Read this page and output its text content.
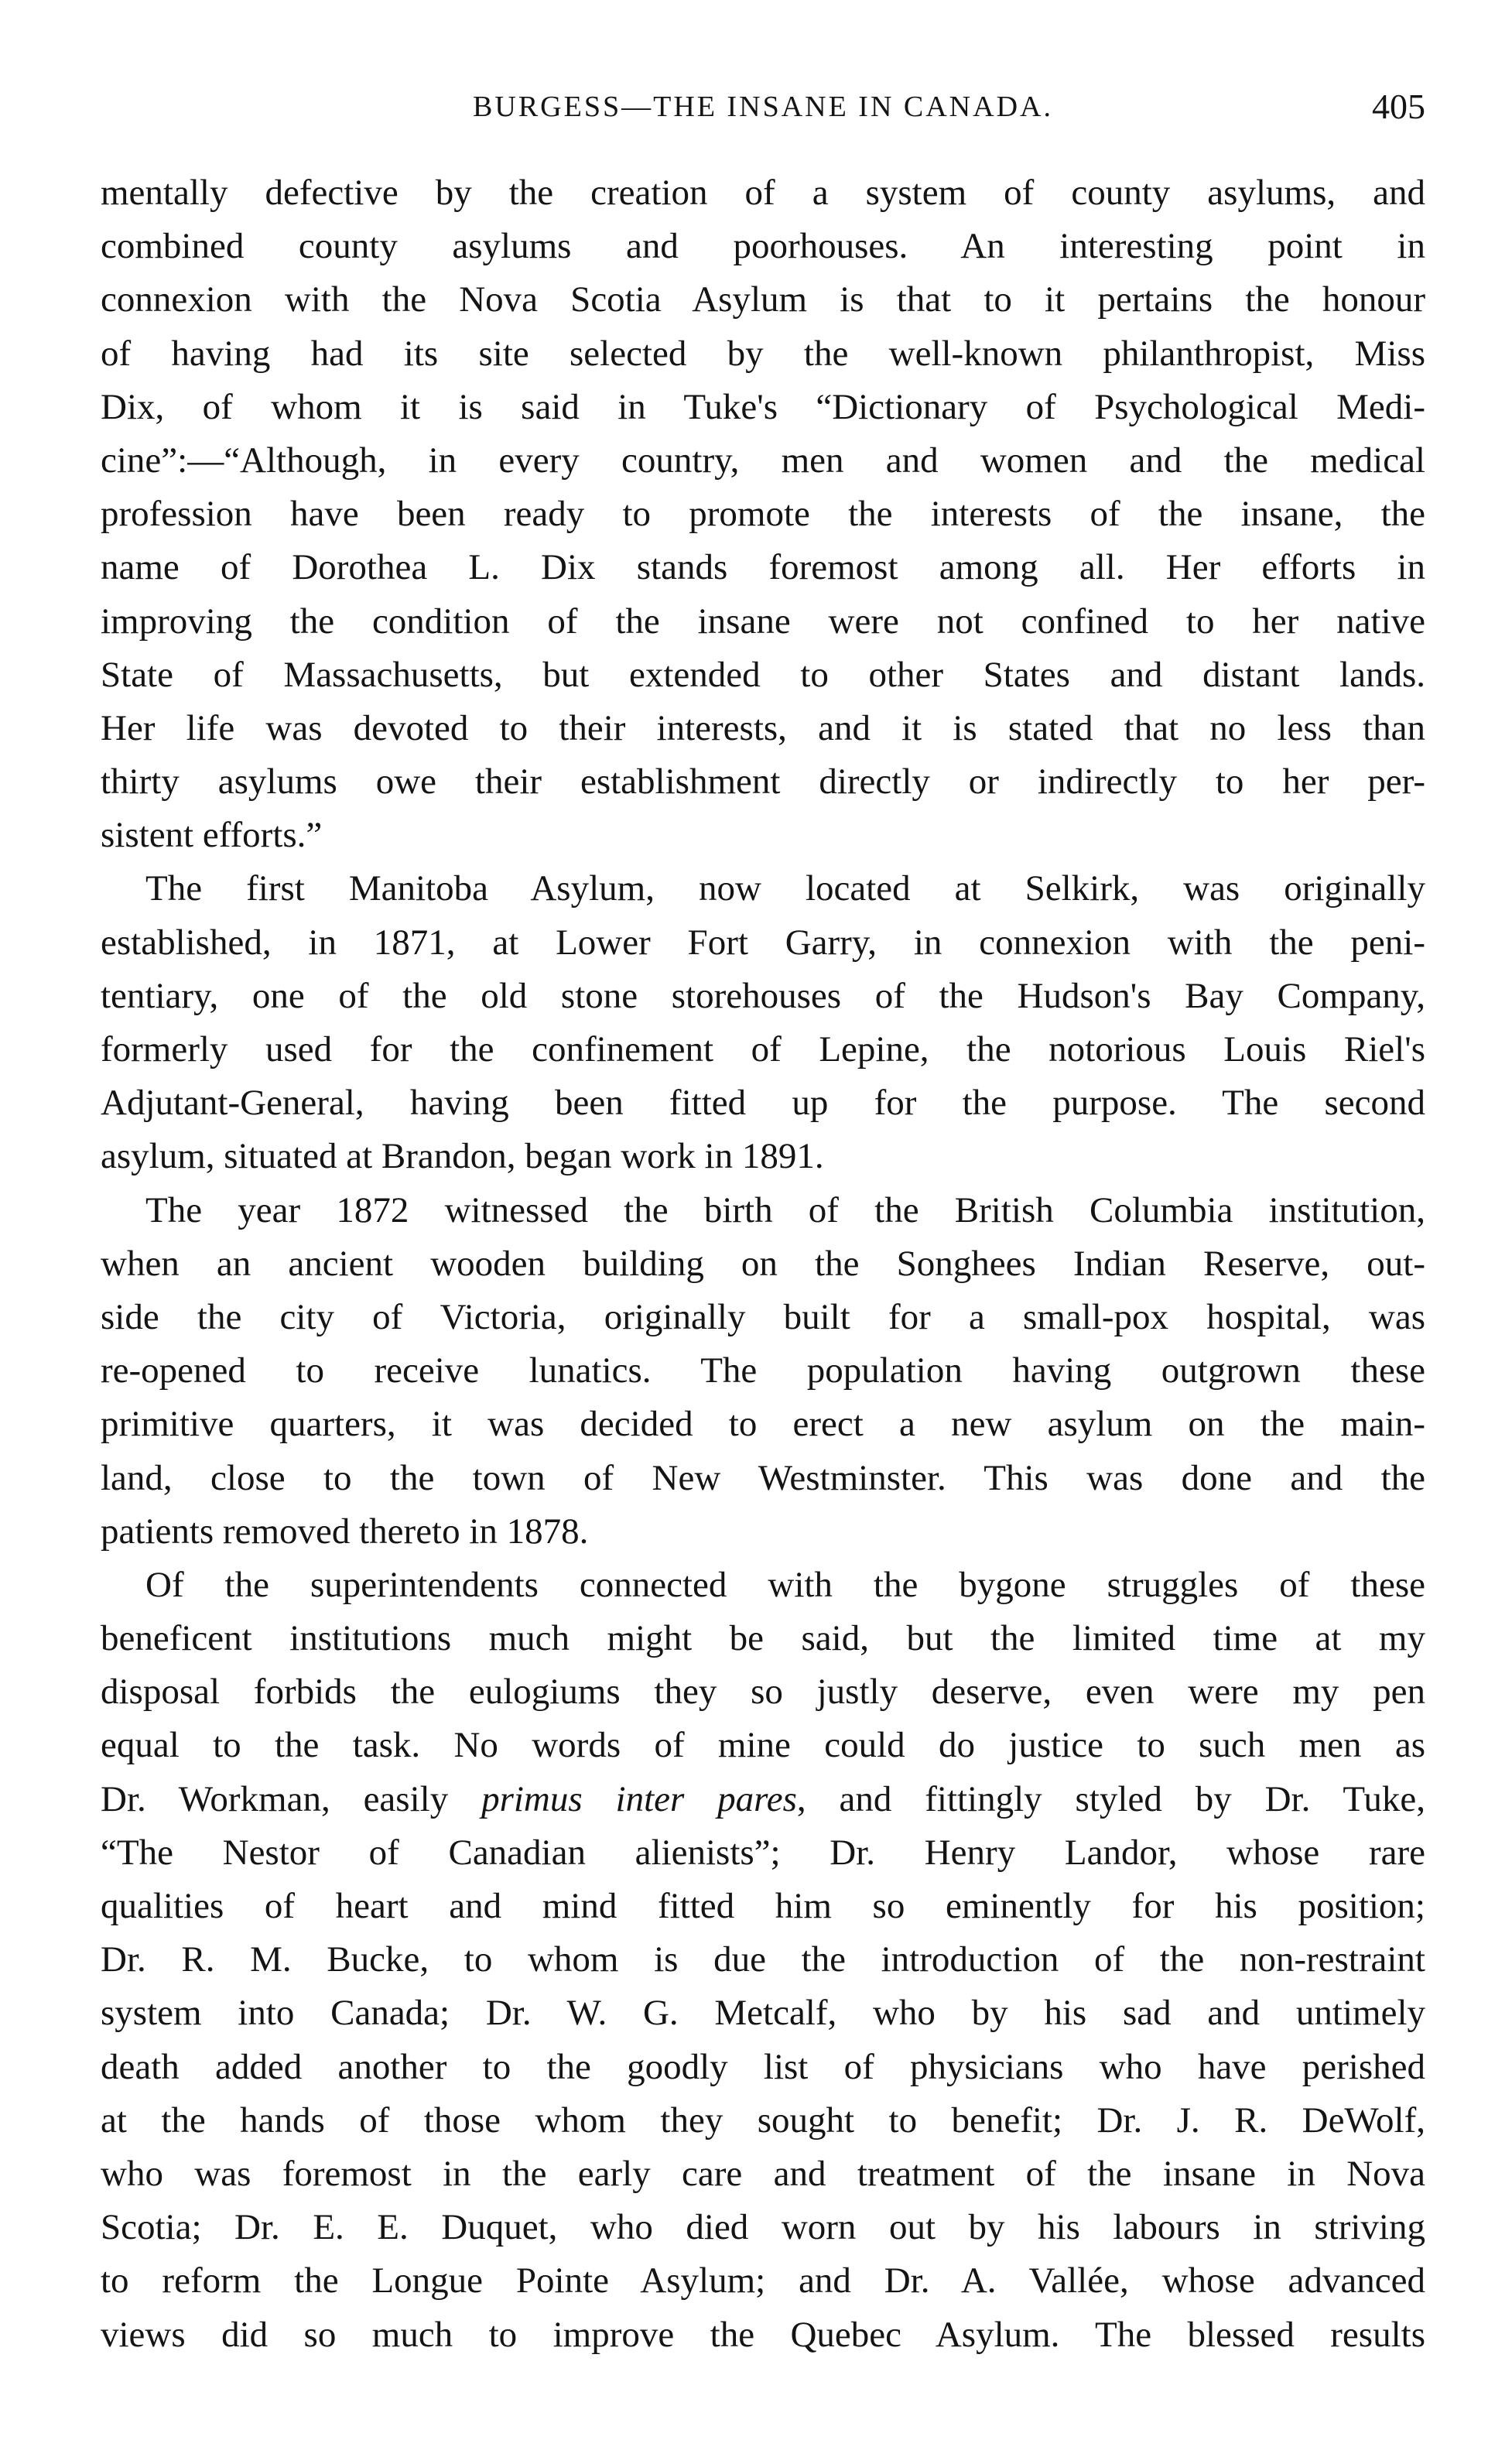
BURGESS—THE INSANE IN CANADA.	405
mentally defective by the creation of a system of county asylums, and
combined county asylums and poorhouses. An interesting point in
connexion with the Nova Scotia Asylum is that to it pertains the honour
of having had its site selected by the well-known philanthropist, Miss
Dix, of whom it is said in Tuke's “Dictionary of Psychological Medi-
cine”:—“Although, in every country, men and women and the medical
profession have been ready to promote the interests of the insane, the
name of Dorothea L. Dix stands foremost among all. Her efforts in
improving the condition of the insane were not confined to her native
State of Massachusetts, but extended to other States and distant lands.
Her life was devoted to their interests, and it is stated that no less than
thirty asylums owe their establishment directly or indirectly to her per-
sistent efforts.”
The first Manitoba Asylum, now located at Selkirk, was originally
established, in 1871, at Lower Fort Garry, in connexion with the peni-
tentiary, one of the old stone storehouses of the Hudson's Bay Company,
formerly used for the confinement of Lepine, the notorious Louis Riel's
Adjutant-General, having been fitted up for the purpose. The second
asylum, situated at Brandon, began work in 1891.
The year 1872 witnessed the birth of the British Columbia institution,
when an ancient wooden building on the Songhees Indian Reserve, out-
side the city of Victoria, originally built for a small-pox hospital, was
re-opened to receive lunatics. The population having outgrown these
primitive quarters, it was decided to erect a new asylum on the main-
land, close to the town of New Westminster. This was done and the
patients removed thereto in 1878.
Of the superintendents connected with the bygone struggles of these
beneficent institutions much might be said, but the limited time at my
disposal forbids the eulogiums they so justly deserve, even were my pen
equal to the task. No words of mine could do justice to such men as
Dr. Workman, easily primus inter pares, and fittingly styled by Dr. Tuke,
“The Nestor of Canadian alienists”; Dr. Henry Landor, whose rare
qualities of heart and mind fitted him so eminently for his position;
Dr. R. M. Bucke, to whom is due the introduction of the non-restraint
system into Canada; Dr. W. G. Metcalf, who by his sad and untimely
death added another to the goodly list of physicians who have perished
at the hands of those whom they sought to benefit; Dr. J. R. DeWolf,
who was foremost in the early care and treatment of the insane in Nova
Scotia; Dr. E. E. Duquet, who died worn out by his labours in striving
to reform the Longue Pointe Asylum; and Dr. A. Vallée, whose advanced
views did so much to improve the Quebec Asylum. The blessed results
